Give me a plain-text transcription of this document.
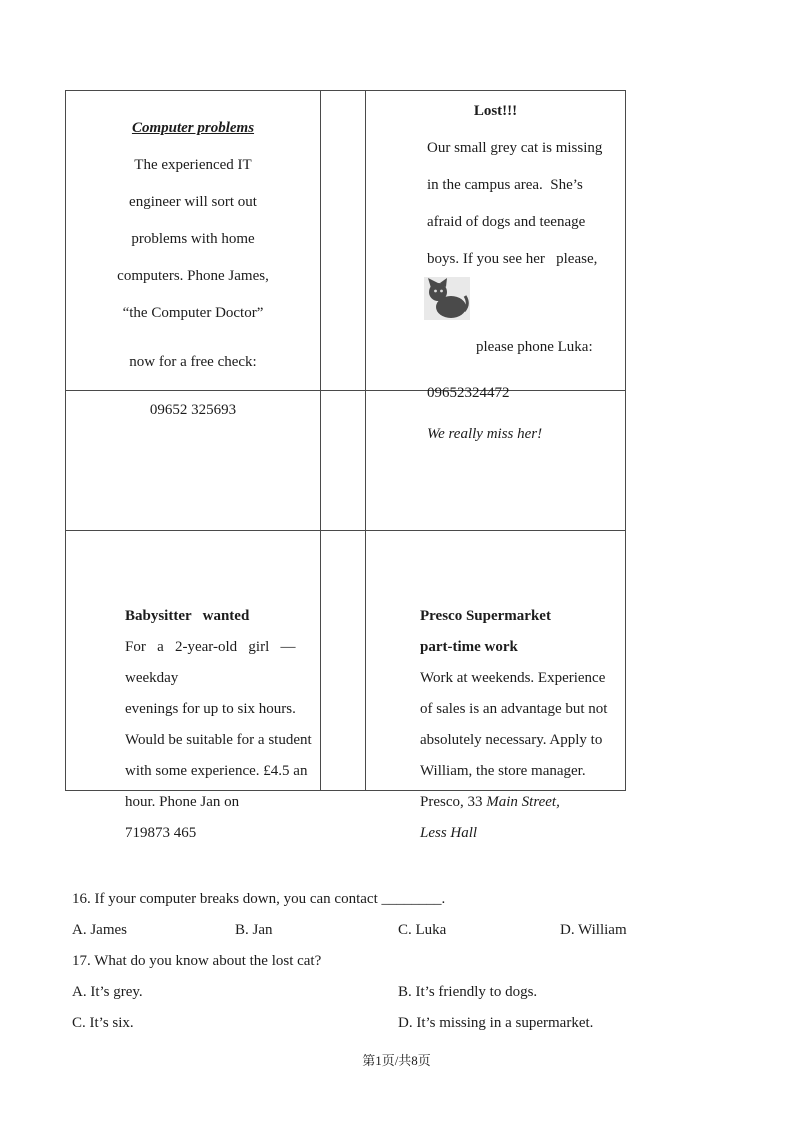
Computer problems
The experienced IT
engineer will sort out
problems with home
computers. Phone James,
“the Computer Doctor”
now for a free check:
09652 325693
Lost!!!
Our small grey cat is missing
in the campus area.  She’s
afraid of dogs and teenage
boys. If you see her   please,
please phone Luka:
09652324472
We really miss her!
Babysitter   wanted
For   a   2-year-old   girl   —
weekday
evenings for up to six hours.
Would be suitable for a student
with some experience. £4.5 an
hour. Phone Jan on
719873 465
Presco Supermarket
part-time work
Work at weekends. Experience
of sales is an advantage but not
absolutely necessary. Apply to
William, the store manager.
Presco, 33 Main Street,
Less Hall
16. If your computer breaks down, you can contact ________.
A. James	B. Jan	C. Luka	D. William
17. What do you know about the lost cat?
A. It’s grey.	B. It’s friendly to dogs.
C. It’s six.	D. It’s missing in a supermarket.
第1页/共8页
